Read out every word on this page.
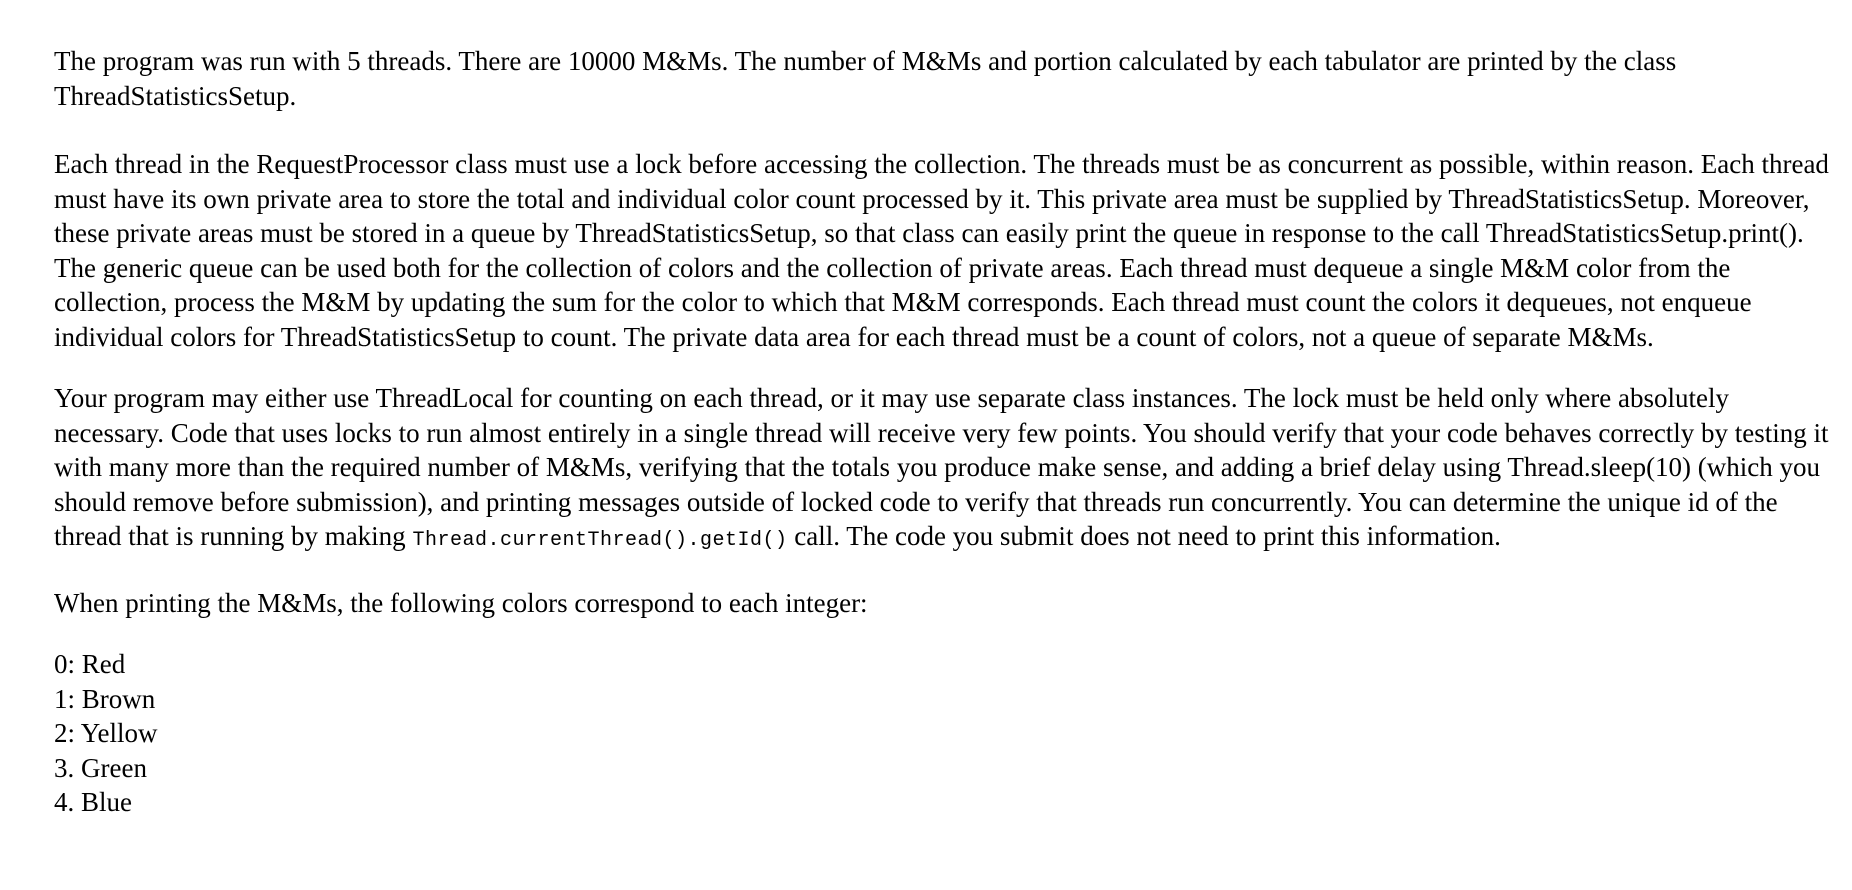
The program was run with 5 threads. There are 10000 M&Ms. The number of M&Ms and portion calculated by each tabulator are printed by the class ThreadStatisticsSetup.

Each thread in the RequestProcessor class must use a lock before accessing the collection. The threads must be as concurrent as possible, within reason. Each thread must have its own private area to store the total and individual color count processed by it. This private area must be supplied by ThreadStatisticsSetup. Moreover, these private areas must be stored in a queue by ThreadStatisticsSetup, so that class can easily print the queue in response to the call ThreadStatisticsSetup.print(). The generic queue can be used both for the collection of colors and the collection of private areas. Each thread must dequeue a single M&M color from the collection, process the M&M by updating the sum for the color to which that M&M corresponds. Each thread must count the colors it dequeues, not enqueue individual colors for ThreadStatisticsSetup to count. The private data area for each thread must be a count of colors, not a queue of separate M&Ms.

Your program may either use ThreadLocal for counting on each thread, or it may use separate class instances. The lock must be held only where absolutely necessary. Code that uses locks to run almost entirely in a single thread will receive very few points. You should verify that your code behaves correctly by testing it with many more than the required number of M&Ms, verifying that the totals you produce make sense, and adding a brief delay using Thread.sleep(10) (which you should remove before submission), and printing messages outside of locked code to verify that threads run concurrently. You can determine the unique id of the thread that is running by making Thread.currentThread().getId() call. The code you submit does not need to print this information.

When printing the M&Ms, the following colors correspond to each integer:

0: Red
1: Brown
2: Yellow
3. Green
4. Blue
